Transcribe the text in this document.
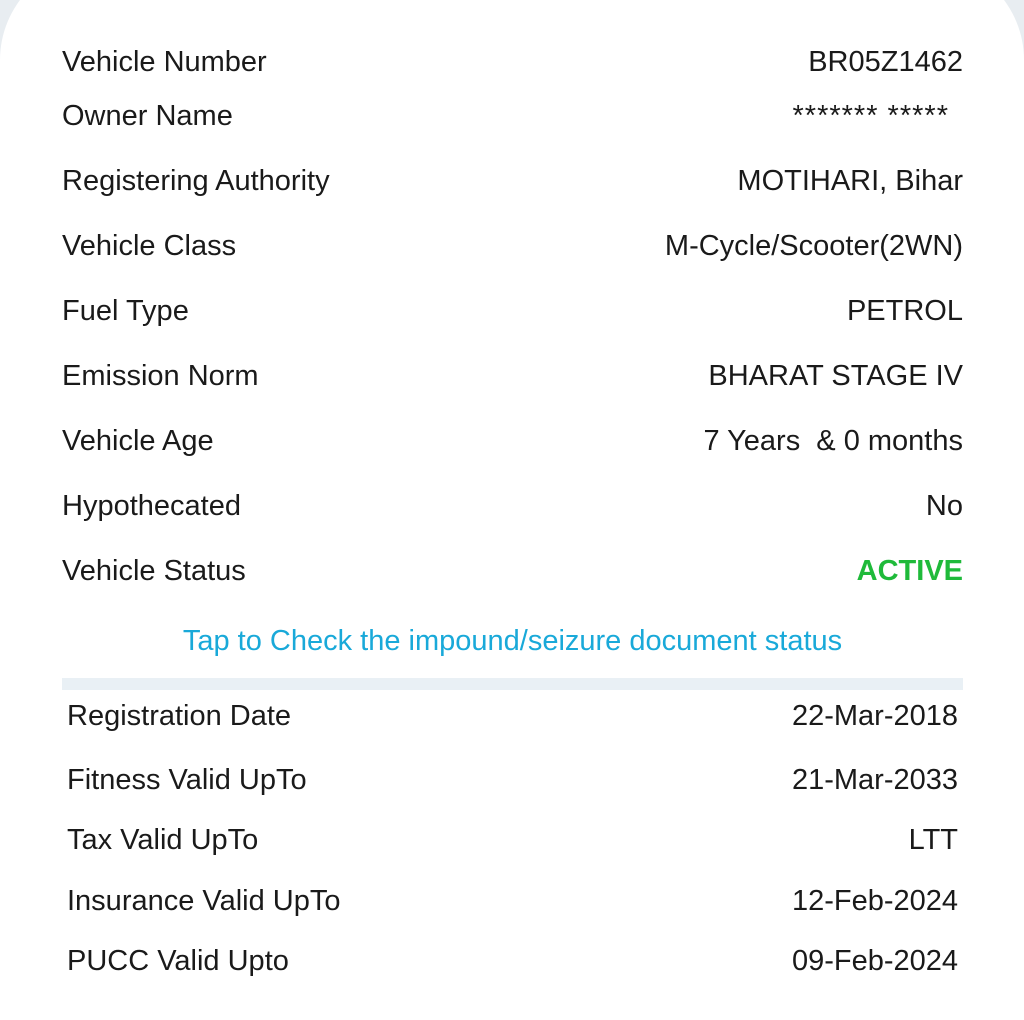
Vehicle Number	BR05Z1462
Owner Name	******* *****
Registering Authority	MOTIHARI, Bihar
Vehicle Class	M-Cycle/Scooter(2WN)
Fuel Type	PETROL
Emission Norm	BHARAT STAGE IV
Vehicle Age	7 Years  & 0 months
Hypothecated	No
Vehicle Status	ACTIVE
Tap to Check the impound/seizure document status
Registration Date	22-Mar-2018
Fitness Valid UpTo	21-Mar-2033
Tax Valid UpTo	LTT
Insurance Valid UpTo	12-Feb-2024
PUCC Valid Upto	09-Feb-2024
